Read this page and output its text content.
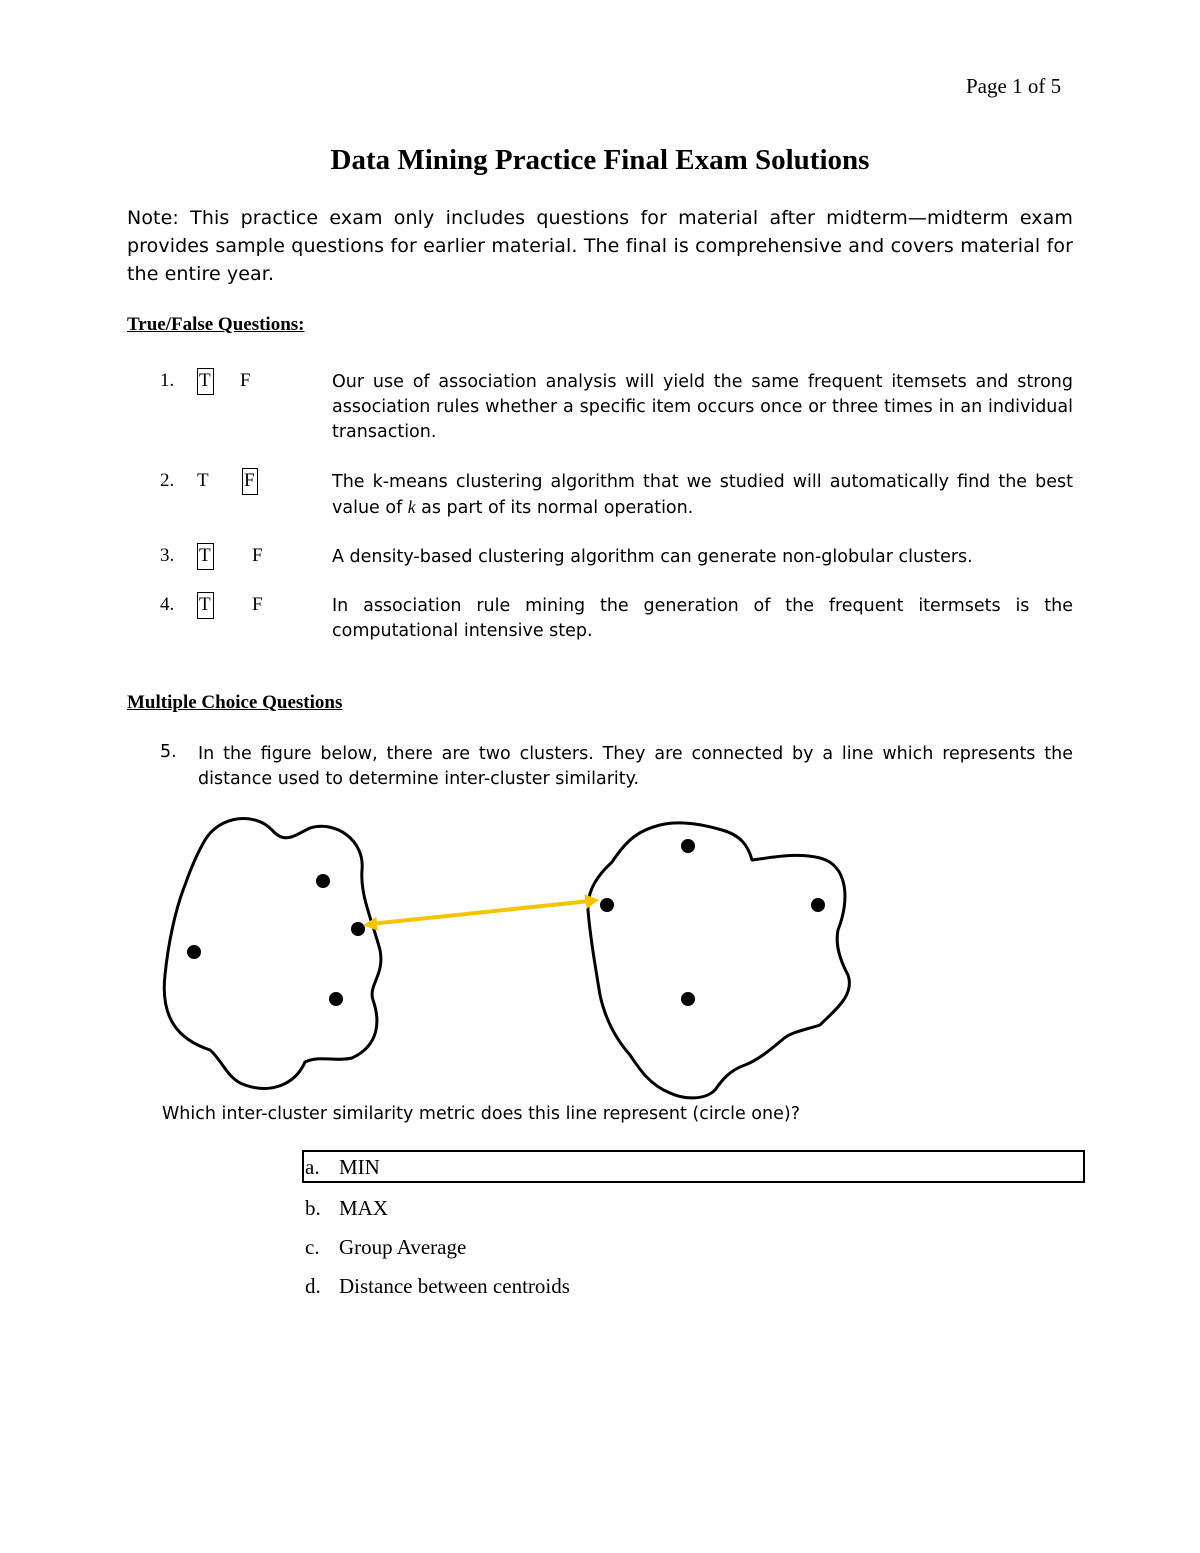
Page 1 of 5
Data Mining Practice Final Exam Solutions
Note: This practice exam only includes questions for material after midterm—midterm exam provides sample questions for earlier material. The final is comprehensive and covers material for the entire year.
True/False Questions:
1. T F	Our use of association analysis will yield the same frequent itemsets and strong association rules whether a specific item occurs once or three times in an individual transaction.
2. T F	The k-means clustering algorithm that we studied will automatically find the best value of k as part of its normal operation.
3. T F	A density-based clustering algorithm can generate non-globular clusters.
4. T F	In association rule mining the generation of the frequent itermsets is the computational intensive step.
Multiple Choice Questions
5. In the figure below, there are two clusters. They are connected by a line which represents the distance used to determine inter-cluster similarity.
Which inter-cluster similarity metric does this line represent (circle one)?
a. MIN
b. MAX
c. Group Average
d. Distance between centroids
